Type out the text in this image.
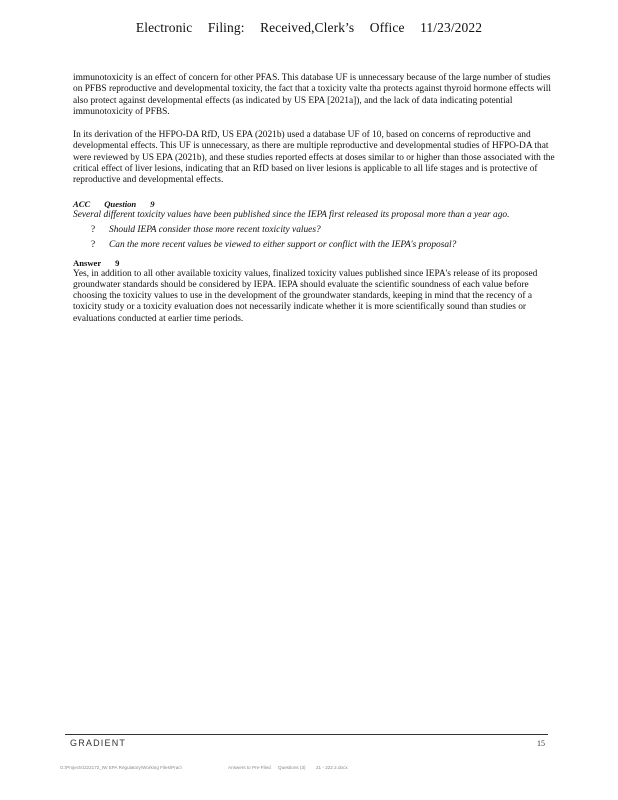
Electronic Filing: Received,Clerk’s Office 11/23/2022

immunotoxicity is an effect of concern for other PFAS. This database UF is unnecessary because of the large number of studies on PFBS reproductive and developmental toxicity, the fact that a toxicity valte tha protects against thyroid hormone effects will also protect against developmental effects (as indicated by US EPA [2021a]), and the lack of data indicating potential immunotoxicity of PFBS.

In its derivation of the HFPO-DA RfD, US EPA (2021b) used a database UF of 10, based on concerns of reproductive and developmental effects. This UF is unnecessary, as there are multiple reproductive and developmental studies of HFPO-DA that were reviewed by US EPA (2021b), and these studies reported effects at doses similar to or higher than those associated with the critical effect of liver lesions, indicating that an RfD based on liver lesions is applicable to all life stages and is protective of reproductive and developmental effects.

ACC Question 9

Several different toxicity values have been published since the IEPA first released its proposal more than a year ago.

?	Should IEPA consider those more recent toxicity values?
?	Can the more recent values be viewed to either support or conflict with the IEPA's proposal?

Answer 9

Yes, in addition to all other available toxicity values, finalized toxicity values published since IEPA's release of its proposed groundwater standards should be considered by IEPA. IEPA should evaluate the scientific soundness of each value before choosing the toxicity values to use in the development of the groundwater standards, keeping in mind that the recency of a toxicity study or a toxicity evaluation does not necessarily indicate whether it is more scientifically sound than studies or evaluations conducted at earlier time periods.

GRADIENT	15
G:\Projects\222172_IW EPA Regulatory\Working Files\Prac\	Answers to Pre-Filed Questions (3) 21 - 222 2.docx
